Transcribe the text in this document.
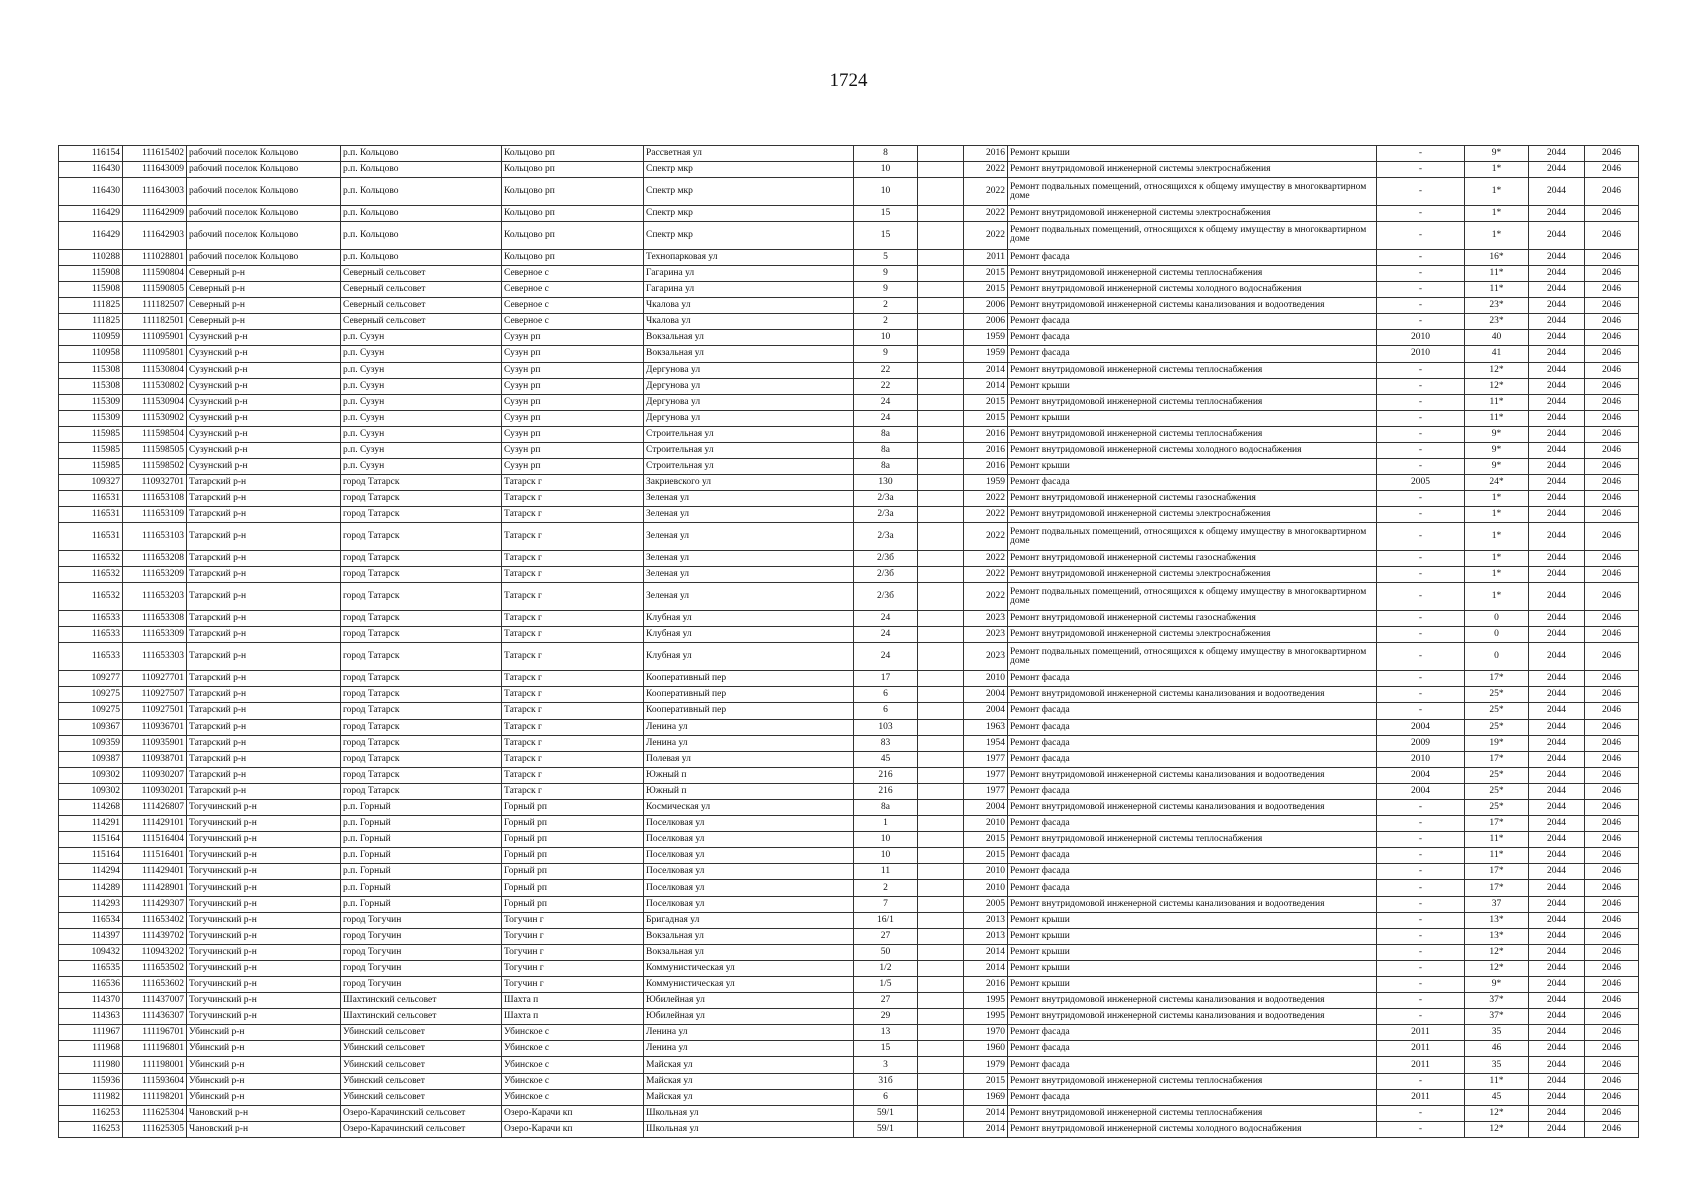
1724
116154	111615402	рабочий поселок Кольцово	р.п. Кольцово	Кольцово рп	Рассветная ул	8		2016	Ремонт крыши	-	9*	2044	2046
116430	111643009	рабочий поселок Кольцово	р.п. Кольцово	Кольцово рп	Спектр мкр	10		2022	Ремонт внутридомовой инженерной системы электроснабжения	-	1*	2044	2046
116430	111643003	рабочий поселок Кольцово	р.п. Кольцово	Кольцово рп	Спектр мкр	10		2022	Ремонт подвальных помещений, относящихся к общему имуществу в многоквартирном доме	-	1*	2044	2046
116429	111642909	рабочий поселок Кольцово	р.п. Кольцово	Кольцово рп	Спектр мкр	15		2022	Ремонт внутридомовой инженерной системы электроснабжения	-	1*	2044	2046
116429	111642903	рабочий поселок Кольцово	р.п. Кольцово	Кольцово рп	Спектр мкр	15		2022	Ремонт подвальных помещений, относящихся к общему имуществу в многоквартирном доме	-	1*	2044	2046
110288	111028801	рабочий поселок Кольцово	р.п. Кольцово	Кольцово рп	Технопарковая ул	5		2011	Ремонт фасада	-	16*	2044	2046
115908	111590804	Северный р-н	Северный сельсовет	Северное с	Гагарина ул	9		2015	Ремонт внутридомовой инженерной системы теплоснабжения	-	11*	2044	2046
115908	111590805	Северный р-н	Северный сельсовет	Северное с	Гагарина ул	9		2015	Ремонт внутридомовой инженерной системы холодного водоснабжения	-	11*	2044	2046
111825	111182507	Северный р-н	Северный сельсовет	Северное с	Чкалова ул	2		2006	Ремонт внутридомовой инженерной системы канализования и водоотведения	-	23*	2044	2046
111825	111182501	Северный р-н	Северный сельсовет	Северное с	Чкалова ул	2		2006	Ремонт фасада	-	23*	2044	2046
110959	111095901	Сузунский р-н	р.п. Сузун	Сузун рп	Вокзальная ул	10		1959	Ремонт фасада	2010	40	2044	2046
110958	111095801	Сузунский р-н	р.п. Сузун	Сузун рп	Вокзальная ул	9		1959	Ремонт фасада	2010	41	2044	2046
115308	111530804	Сузунский р-н	р.п. Сузун	Сузун рп	Дергунова ул	22		2014	Ремонт внутридомовой инженерной системы теплоснабжения	-	12*	2044	2046
115308	111530802	Сузунский р-н	р.п. Сузун	Сузун рп	Дергунова ул	22		2014	Ремонт крыши	-	12*	2044	2046
115309	111530904	Сузунский р-н	р.п. Сузун	Сузун рп	Дергунова ул	24		2015	Ремонт внутридомовой инженерной системы теплоснабжения	-	11*	2044	2046
115309	111530902	Сузунский р-н	р.п. Сузун	Сузун рп	Дергунова ул	24		2015	Ремонт крыши	-	11*	2044	2046
115985	111598504	Сузунский р-н	р.п. Сузун	Сузун рп	Строительная ул	8а		2016	Ремонт внутридомовой инженерной системы теплоснабжения	-	9*	2044	2046
115985	111598505	Сузунский р-н	р.п. Сузун	Сузун рп	Строительная ул	8а		2016	Ремонт внутридомовой инженерной системы холодного водоснабжения	-	9*	2044	2046
115985	111598502	Сузунский р-н	р.п. Сузун	Сузун рп	Строительная ул	8а		2016	Ремонт крыши	-	9*	2044	2046
109327	110932701	Татарский р-н	город Татарск	Татарск г	Закриевского ул	130		1959	Ремонт фасада	2005	24*	2044	2046
116531	111653108	Татарский р-н	город Татарск	Татарск г	Зеленая ул	2/3а		2022	Ремонт внутридомовой инженерной системы газоснабжения	-	1*	2044	2046
116531	111653109	Татарский р-н	город Татарск	Татарск г	Зеленая ул	2/3а		2022	Ремонт внутридомовой инженерной системы электроснабжения	-	1*	2044	2046
116531	111653103	Татарский р-н	город Татарск	Татарск г	Зеленая ул	2/3а		2022	Ремонт подвальных помещений, относящихся к общему имуществу в многоквартирном доме	-	1*	2044	2046
116532	111653208	Татарский р-н	город Татарск	Татарск г	Зеленая ул	2/3б		2022	Ремонт внутридомовой инженерной системы газоснабжения	-	1*	2044	2046
116532	111653209	Татарский р-н	город Татарск	Татарск г	Зеленая ул	2/3б		2022	Ремонт внутридомовой инженерной системы электроснабжения	-	1*	2044	2046
116532	111653203	Татарский р-н	город Татарск	Татарск г	Зеленая ул	2/3б		2022	Ремонт подвальных помещений, относящихся к общему имуществу в многоквартирном доме	-	1*	2044	2046
116533	111653308	Татарский р-н	город Татарск	Татарск г	Клубная ул	24		2023	Ремонт внутридомовой инженерной системы газоснабжения	-	0	2044	2046
116533	111653309	Татарский р-н	город Татарск	Татарск г	Клубная ул	24		2023	Ремонт внутридомовой инженерной системы электроснабжения	-	0	2044	2046
116533	111653303	Татарский р-н	город Татарск	Татарск г	Клубная ул	24		2023	Ремонт подвальных помещений, относящихся к общему имуществу в многоквартирном доме	-	0	2044	2046
109277	110927701	Татарский р-н	город Татарск	Татарск г	Кооперативный пер	17		2010	Ремонт фасада	-	17*	2044	2046
109275	110927507	Татарский р-н	город Татарск	Татарск г	Кооперативный пер	6		2004	Ремонт внутридомовой инженерной системы канализования и водоотведения	-	25*	2044	2046
109275	110927501	Татарский р-н	город Татарск	Татарск г	Кооперативный пер	6		2004	Ремонт фасада	-	25*	2044	2046
109367	110936701	Татарский р-н	город Татарск	Татарск г	Ленина ул	103		1963	Ремонт фасада	2004	25*	2044	2046
109359	110935901	Татарский р-н	город Татарск	Татарск г	Ленина ул	83		1954	Ремонт фасада	2009	19*	2044	2046
109387	110938701	Татарский р-н	город Татарск	Татарск г	Полевая ул	45		1977	Ремонт фасада	2010	17*	2044	2046
109302	110930207	Татарский р-н	город Татарск	Татарск г	Южный п	216		1977	Ремонт внутридомовой инженерной системы канализования и водоотведения	2004	25*	2044	2046
109302	110930201	Татарский р-н	город Татарск	Татарск г	Южный п	216		1977	Ремонт фасада	2004	25*	2044	2046
114268	111426807	Тогучинский р-н	р.п. Горный	Горный рп	Космическая ул	8а		2004	Ремонт внутридомовой инженерной системы канализования и водоотведения	-	25*	2044	2046
114291	111429101	Тогучинский р-н	р.п. Горный	Горный рп	Поселковая ул	1		2010	Ремонт фасада	-	17*	2044	2046
115164	111516404	Тогучинский р-н	р.п. Горный	Горный рп	Поселковая ул	10		2015	Ремонт внутридомовой инженерной системы теплоснабжения	-	11*	2044	2046
115164	111516401	Тогучинский р-н	р.п. Горный	Горный рп	Поселковая ул	10		2015	Ремонт фасада	-	11*	2044	2046
114294	111429401	Тогучинский р-н	р.п. Горный	Горный рп	Поселковая ул	11		2010	Ремонт фасада	-	17*	2044	2046
114289	111428901	Тогучинский р-н	р.п. Горный	Горный рп	Поселковая ул	2		2010	Ремонт фасада	-	17*	2044	2046
114293	111429307	Тогучинский р-н	р.п. Горный	Горный рп	Поселковая ул	7		2005	Ремонт внутридомовой инженерной системы канализования и водоотведения	-	37	2044	2046
116534	111653402	Тогучинский р-н	город Тогучин	Тогучин г	Бригадная ул	16/1		2013	Ремонт крыши	-	13*	2044	2046
114397	111439702	Тогучинский р-н	город Тогучин	Тогучин г	Вокзальная ул	27		2013	Ремонт крыши	-	13*	2044	2046
109432	110943202	Тогучинский р-н	город Тогучин	Тогучин г	Вокзальная ул	50		2014	Ремонт крыши	-	12*	2044	2046
116535	111653502	Тогучинский р-н	город Тогучин	Тогучин г	Коммунистическая ул	1/2		2014	Ремонт крыши	-	12*	2044	2046
116536	111653602	Тогучинский р-н	город Тогучин	Тогучин г	Коммунистическая ул	1/5		2016	Ремонт крыши	-	9*	2044	2046
114370	111437007	Тогучинский р-н	Шахтинский сельсовет	Шахта п	Юбилейная ул	27		1995	Ремонт внутридомовой инженерной системы канализования и водоотведения	-	37*	2044	2046
114363	111436307	Тогучинский р-н	Шахтинский сельсовет	Шахта п	Юбилейная ул	29		1995	Ремонт внутридомовой инженерной системы канализования и водоотведения	-	37*	2044	2046
111967	111196701	Убинский р-н	Убинский сельсовет	Убинское с	Ленина ул	13		1970	Ремонт фасада	2011	35	2044	2046
111968	111196801	Убинский р-н	Убинский сельсовет	Убинское с	Ленина ул	15		1960	Ремонт фасада	2011	46	2044	2046
111980	111198001	Убинский р-н	Убинский сельсовет	Убинское с	Майская ул	3		1979	Ремонт фасада	2011	35	2044	2046
115936	111593604	Убинский р-н	Убинский сельсовет	Убинское с	Майская ул	31б		2015	Ремонт внутридомовой инженерной системы теплоснабжения	-	11*	2044	2046
111982	111198201	Убинский р-н	Убинский сельсовет	Убинское с	Майская ул	6		1969	Ремонт фасада	2011	45	2044	2046
116253	111625304	Чановский р-н	Озеро-Карачинский сельсовет	Озеро-Карачи кп	Школьная ул	59/1		2014	Ремонт внутридомовой инженерной системы теплоснабжения	-	12*	2044	2046
116253	111625305	Чановский р-н	Озеро-Карачинский сельсовет	Озеро-Карачи кп	Школьная ул	59/1		2014	Ремонт внутридомовой инженерной системы холодного водоснабжения	-	12*	2044	2046
